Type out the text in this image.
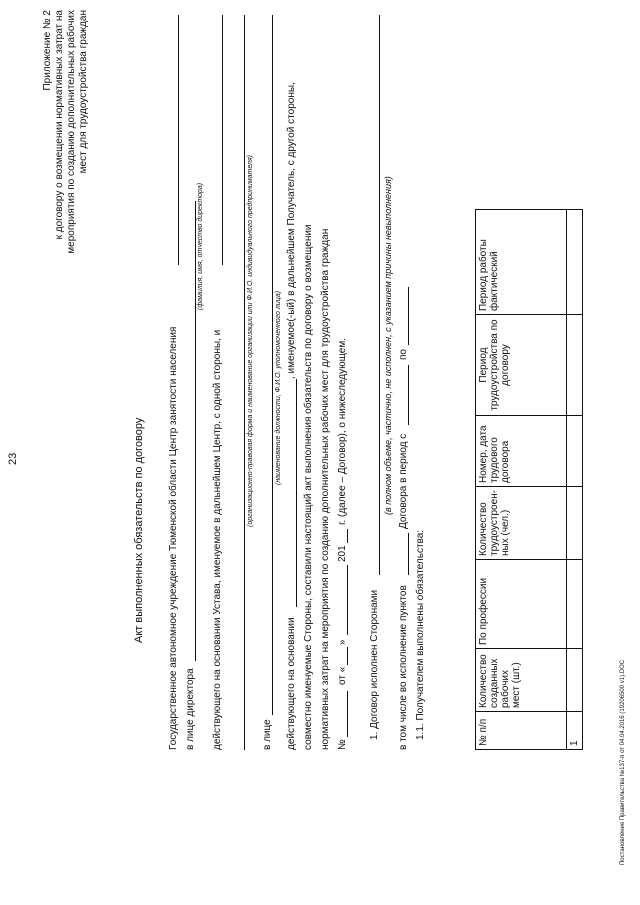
23
Приложение № 2 к договору о возмещении нормативных затрат на мероприятия по созданию дополнительных рабочих мест для трудоустройства граждан
Акт выполненных обязательств по договору Государственное автономное учреждение Тюменской области Центр занятости населения в лице директора
(фамилия, имя, отчество директора)
действующего на основании Устава, именуемое в дальнейшем Центр, с одной стороны, и	(организационно-правовая форма и наименование организации или Ф.И.О. индивидуального предпринимателя)
в лице
(наименование должности, Ф.И.О. уполномоченного лица)
действующего на основании
, именуемое(-ый) в дальнейшем Получатель, с другой стороны, совместно именуемые Стороны, составили настоящий акт выполнения обязательств по договору о возмещении нормативных затрат на мероприятия по созданию дополнительных рабочих мест для трудоустройства граждан №
от «
»
201
г. (далее – Договор), о нижеследующем.
1. Договор исполнен Сторонами
(в полном объеме, частично, не исполнен, с указанием причины невыполнения)
в том числе во исполнение пунктов
Договора в период с
по
1.1. Получателем выполнены обязательства:	№ п/п	Количество созданных рабочих мест (шт.)	По профессии	Количество трудоустроен-ных (чел.)	Номер, дата трудового договора	Период трудоустройства по договору	Период работы фактический
1							Постановление Правительства №137-п от 04.04.2016 (19206500 v1).DOC
